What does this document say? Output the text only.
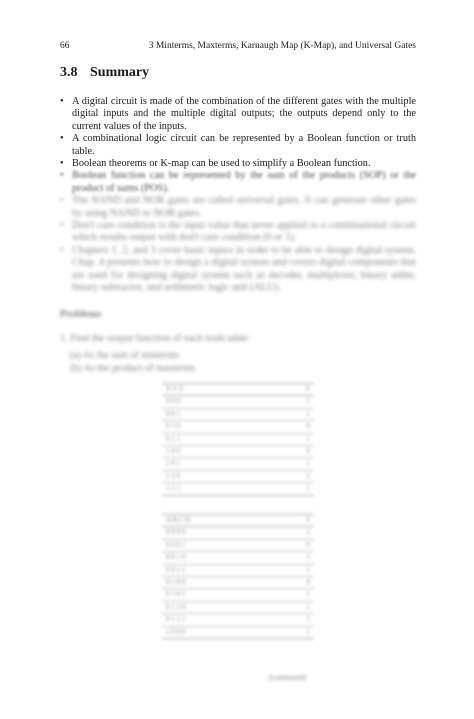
66	3 Minterms, Maxterms, Karnaugh Map (K-Map), and Universal Gates
3.8 Summary
• A digital circuit is made of the combination of the different gates with the multiple digital inputs and the multiple digital outputs; the outputs depend only to the current values of the inputs.
• A combinational logic circuit can be represented by a Boolean function or truth table.
• Boolean theorems or K-map can be used to simplify a Boolean function.
• Boolean function can be represented by the sum of the products (SOP) or the product of sums (POS).
• The NAND and NOR gates are called universal gates. It can generate other gates by using NAND or NOR gates.
• Don't care condition is the input value that never applied to a combinational circuit which results output with don't care condition (0 or 1).
• Chapters 1, 2, and 3 cover basic topics in order to be able to design digital system. Chap. 4 presents how to design a digital system and covers digital components that are used for designing digital system such as decoder, multiplexer, binary adder, binary subtractor, and arithmetic logic unit (ALU).
Problems
1. Find the output function of each truth table:
(a) As the sum of minterms
(b) As the product of maxterms
X Y Z	F
0 0 0	1
0 0 1	1
0 1 0	0
0 1 1	1
1 0 0	0
1 0 1	1
1 1 0	1
1 1 1	1
A B C D	F
0 0 0 0	1
0 0 0 1	0
0 0 1 0	1
0 0 1 1	1
0 1 0 0	0
0 1 0 1	1
0 1 1 0	1
0 1 1 1	1
1 0 0 0	1
(continued)
